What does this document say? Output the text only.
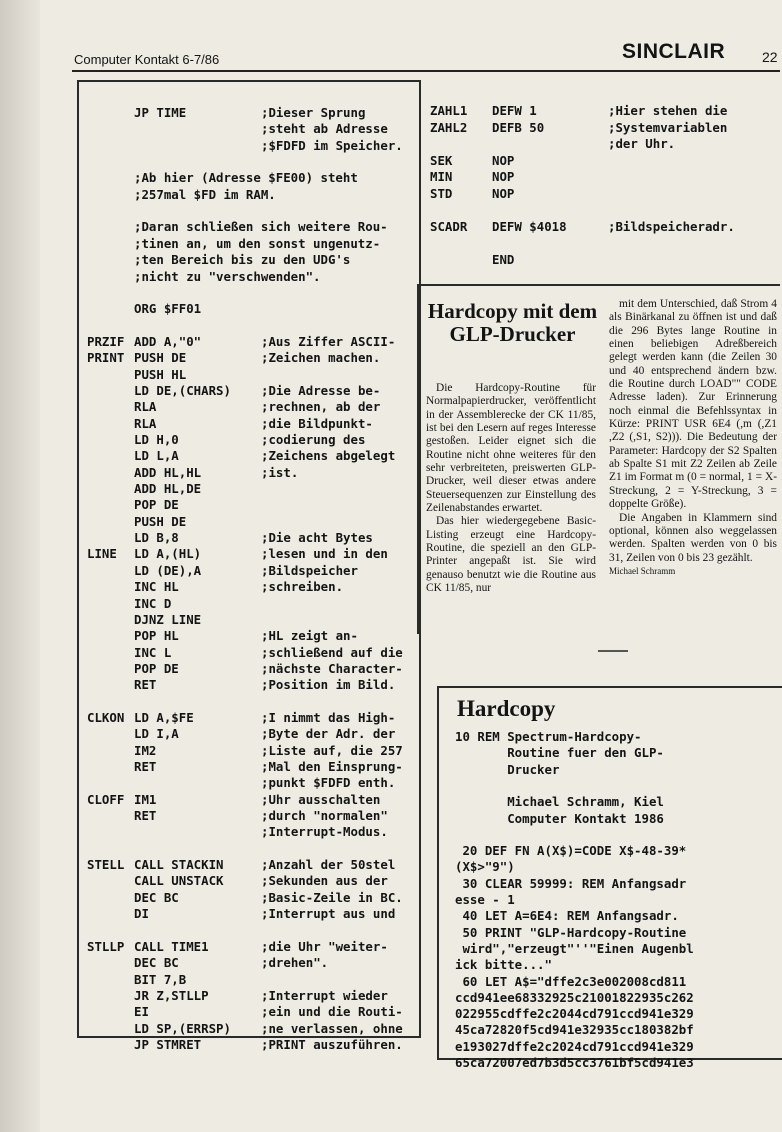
Computer Kontakt 6-7/86	SINCLAIR	22
JP TIME	;Dieser Sprung
;steht ab Adresse
;$FDFD im Speicher.
;Ab hier (Adresse $FE00) steht
;257mal $FD im RAM.
;Daran schließen sich weitere Rou-
;tinen an, um den sonst ungenutz-
;ten Bereich bis zu den UDG's
;nicht zu "verschwenden".
ORG $FF01
PRZIF ADD A,"0"	;Aus Ziffer ASCII-
PRINT PUSH DE	;Zeichen machen.
PUSH HL
LD DE,(CHARS) ;Die Adresse be-
RLA	;rechnen, ab der
RLA	;die Bildpunkt-
LD H,0	;codierung des
LD L,A	;Zeichens abgelegt
ADD HL,HL	;ist.
ADD HL,DE
POP DE
PUSH DE
LD B,8	;Die acht Bytes
LINE LD A,(HL)	;lesen und in den
LD (DE),A	;Bildspeicher
INC HL	;schreiben.
INC D
DJNZ LINE
POP HL	;HL zeigt an-
INC L	;schließend auf die
POP DE	;nächste Character-
RET	;Position im Bild.
CLKON LD A,$FE	;I nimmt das High-
LD I,A	;Byte der Adr. der
IM2	;Liste auf, die 257
RET	;Mal den Einsprung-
;punkt $FDFD enth.
CLOFF IM1	;Uhr ausschalten
RET	;durch "normalen"
;Interrupt-Modus.
STELL CALL STACKIN	;Anzahl der 50stel
CALL UNSTACK	;Sekunden aus der
DEC BC	;Basic-Zeile in BC.
DI	;Interrupt aus und
STLLP CALL TIME1	;die Uhr "weiter-
DEC BC	;drehen".
BIT 7,B
JR Z,STLLP	;Interrupt wieder
EI	;ein und die Routi-
LD SP,(ERRSP) ;ne verlassen, ohne
JP STMRET	;PRINT auszuführen.
ZAHL1 DEFW 1	;Hier stehen die
ZAHL2 DEFB 50	;Systemvariablen
;der Uhr.
SEK	NOP
MIN	NOP
STD	NOP
SCADR DEFW $4018	;Bildspeicheradr.
END
Hardcopy mit dem GLP-Drucker

Die Hardcopy-Routine für Normalpapierdrucker, veröffentlicht in der Assemblerecke der CK 11/85, ist bei den Lesern auf reges Interesse gestoßen. Leider eignet sich die Routine nicht ohne weiteres für den sehr verbreiteten, preiswerten GLP-Drucker, weil dieser etwas andere Steuersequenzen zur Einstellung des Zeilenabstandes erwartet.

Das hier wiedergegebene Basic-Listing erzeugt eine Hardcopy-Routine, die speziell an den GLP-Printer angepaßt ist. Sie wird genauso benutzt wie die Routine aus CK 11/85, nur

mit dem Unterschied, daß Strom 4 als Binärkanal zu öffnen ist und daß die 296 Bytes lange Routine in einen beliebigen Adreßbereich gelegt werden kann (die Zeilen 30 und 40 entsprechend ändern bzw. die Routine durch LOAD"" CODE Adresse laden). Zur Erinnerung noch einmal die Befehlssyntax in Kürze: PRINT USR 6E4 (,m (,Z1 ,Z2 (,S1, S2))). Die Bedeutung der Parameter: Hardcopy der S2 Spalten ab Spalte S1 mit Z2 Zeilen ab Zeile Z1 im Format m (0 = normal, 1 = X-Streckung, 2 = Y-Streckung, 3 = doppelte Größe).

Die Angaben in Klammern sind optional, können also weggelassen werden. Spalten werden von 0 bis 31, Zeilen von 0 bis 23 gezählt.

Michael Schramm

Hardcopy
10 REM Spectrum-Hardcopy-
Routine fuer den GLP-
Drucker
Michael Schramm, Kiel
Computer Kontakt 1986
20 DEF FN A(X$)=CODE X$-48-39*
(X$>"9")
30 CLEAR 59999: REM Anfangsadr
esse - 1
40 LET A=6E4: REM Anfangsadr.
50 PRINT "GLP-Hardcopy-Routine
wird","erzeugt"''"Einen Augenbl
ick bitte..."
60 LET A$="dffe2c3e002008cd811
ccd941ee68332925c21001822935c262
022955cdffe2c2044cd791ccd941e329
45ca72820f5cd941e32935cc180382bf
e193027dffe2c2024cd791ccd941e329
65ca72007ed7b3d5cc3761bf5cd941e3
